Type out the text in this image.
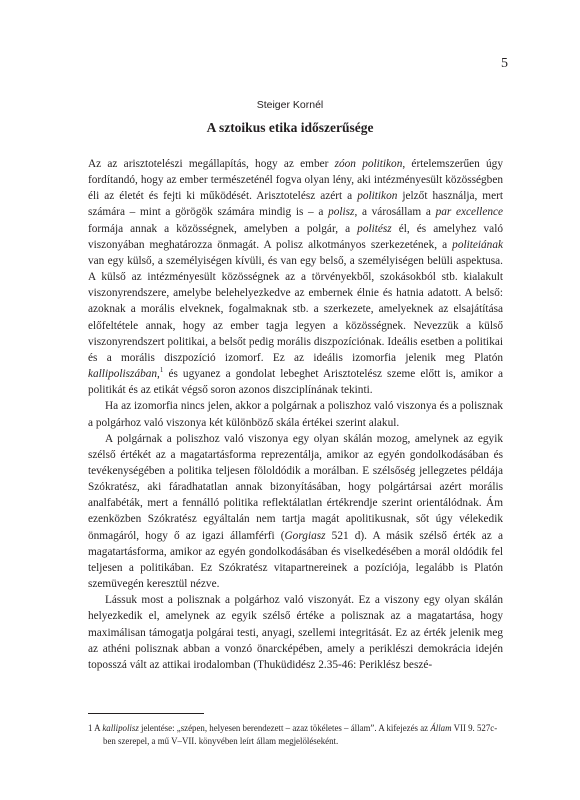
5
Steiger Kornél
A sztoikus etika időszerűsége

Az az arisztotelészi megállapítás, hogy az ember zóon politikon, értelemszerűen úgy fordítandó, hogy az ember természeténél fogva olyan lény, aki intézményesült közösségben éli az életét és fejti ki működését. Arisztotelész azért a politikon jelzőt használja, mert számára – mint a görögök számára mindig is – a polisz, a városállam a par excellence formája annak a közösségnek, amelyben a polgár, a politész él, és amelyhez való viszonyában meghatározza önmagát. A polisz alkotmányos szerkezetének, a politeiának van egy külső, a személyiségen kívüli, és van egy belső, a személyiségen belüli aspektusa. A külső az intézményesült közösségnek az a törvényekből, szokásokból stb. kialakult viszonyrendszere, amelybe belehelyezkedve az embernek élnie és hatnia adatott. A belső: azoknak a morális elveknek, fogalmaknak stb. a szerkezete, amelyeknek az elsajátítása előfeltétele annak, hogy az ember tagja legyen a közösségnek. Nevezzük a külső viszonyrendszert politikai, a belsőt pedig morális diszpozíciónak. Ideális esetben a politikai és a morális diszpozíció izomorf. Ez az ideális izomorfia jelenik meg Platón kallipoliszában,$^1$ és ugyanez a gondolat lebeghet Arisztotelész szeme előtt is, amikor a politikát és az etikát végső soron azonos diszciplínának tekinti.

Ha az izomorfia nincs jelen, akkor a polgárnak a poliszhoz való viszonya és a polisznak a polgárhoz való viszonya két különböző skála értékei szerint alakul.

A polgárnak a poliszhoz való viszonya egy olyan skálán mozog, amelynek az egyik szélső értékét az a magatartásforma reprezentálja, amikor az egyén gondolkodásában és tevékenységében a politika teljesen föloldódik a morálban. E szélsőség jellegzetes példája Szókratész, aki fáradhatatlan annak bizonyításában, hogy polgártársai azért morális analfabéták, mert a fennálló politika reflektálatlan értékrendje szerint orientálódnak. Ám ezenközben Szókratész egyáltalán nem tartja magát apolitikusnak, sőt úgy vélekedik önmagáról, hogy ő az igazi államférfi (Gorgiasz 521 d). A másik szélső érték az a magatartásforma, amikor az egyén gondolkodásában és viselkedésében a morál oldódik fel teljesen a politikában. Ez Szókratész vitapartnereinek a pozíciója, legalább is Platón szemüvegén keresztül nézve.

Lássuk most a polisznak a polgárhoz való viszonyát. Ez a viszony egy olyan skálán helyezkedik el, amelynek az egyik szélső értéke a polisznak az a magatartása, hogy maximálisan támogatja polgárai testi, anyagi, szellemi integritását. Ez az érték jelenik meg az athéni polisznak abban a vonzó önarcképében, amely a periklészi demokrácia idején toposszá vált az attikai irodalomban (Thuküdidész 2.35-46: Periklész beszé-

1 A kallipolisz jelentése: „szépen, helyesen berendezett – azaz tökéletes – állam”. A kifejezés az Állam VII 9. 527c-ben szerepel, a mű V–VII. könyvében leírt állam megjelöléseként.
